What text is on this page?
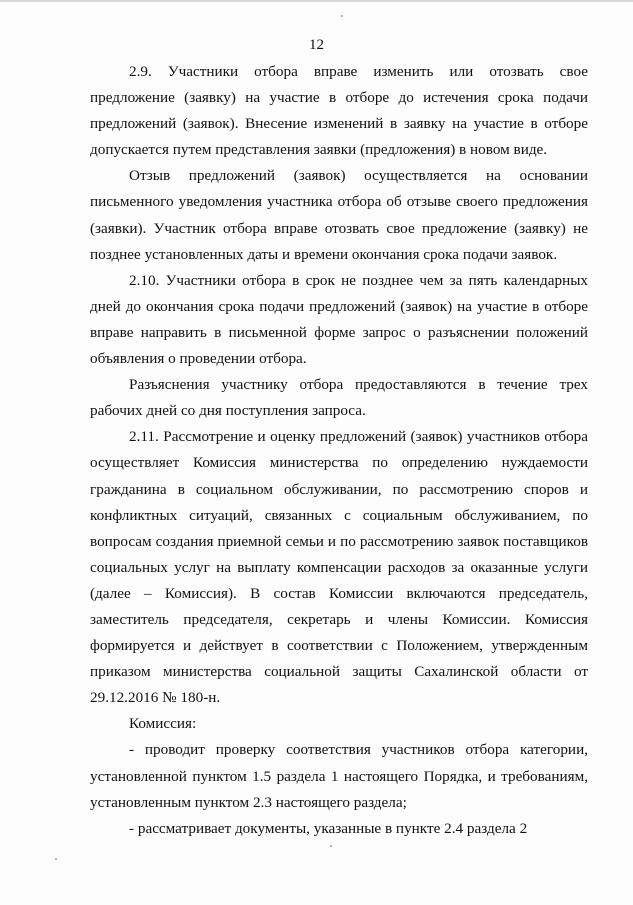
12

2.9. Участники отбора вправе изменить или отозвать свое предложение (заявку) на участие в отборе до истечения срока подачи предложений (заявок). Внесение изменений в заявку на участие в отборе допускается путем представления заявки (предложения) в новом виде.

Отзыв предложений (заявок) осуществляется на основании письменного уведомления участника отбора об отзыве своего предложения (заявки). Участник отбора вправе отозвать свое предложение (заявку) не позднее установленных даты и времени окончания срока подачи заявок.

2.10. Участники отбора в срок не позднее чем за пять календарных дней до окончания срока подачи предложений (заявок) на участие в отборе вправе направить в письменной форме запрос о разъяснении положений объявления о проведении отбора.

Разъяснения участнику отбора предоставляются в течение трех рабочих дней со дня поступления запроса.

2.11. Рассмотрение и оценку предложений (заявок) участников отбора осуществляет Комиссия министерства по определению нуждаемости гражданина в социальном обслуживании, по рассмотрению споров и конфликтных ситуаций, связанных с социальным обслуживанием, по вопросам создания приемной семьи и по рассмотрению заявок поставщиков социальных услуг на выплату компенсации расходов за оказанные услуги (далее – Комиссия). В состав Комиссии включаются председатель, заместитель председателя, секретарь и члены Комиссии. Комиссия формируется и действует в соответствии с Положением, утвержденным приказом министерства социальной защиты Сахалинской области от 29.12.2016 № 180-н.

Комиссия:

- проводит проверку соответствия участников отбора категории, установленной пунктом 1.5 раздела 1 настоящего Порядка, и требованиям, установленным пунктом 2.3 настоящего раздела;

- рассматривает документы, указанные в пункте 2.4 раздела 2
